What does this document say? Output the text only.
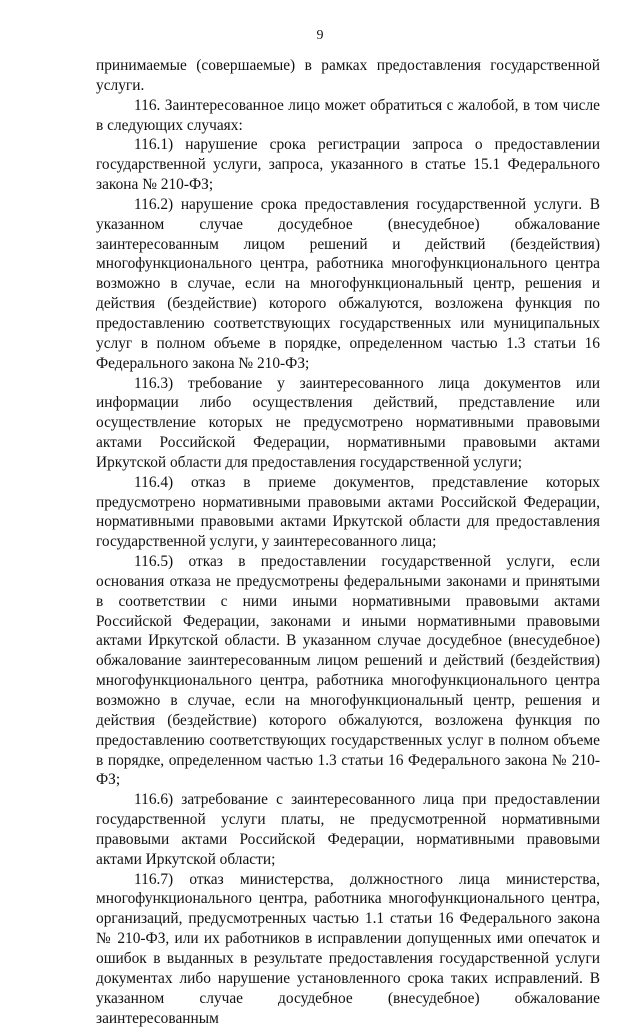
9

принимаемые (совершаемые) в рамках предоставления государственной услуги.

116. Заинтересованное лицо может обратиться с жалобой, в том числе в следующих случаях:

116.1) нарушение срока регистрации запроса о предоставлении государственной услуги, запроса, указанного в статье 15.1 Федерального закона № 210-ФЗ;

116.2) нарушение срока предоставления государственной услуги. В указанном случае досудебное (внесудебное) обжалование заинтересованным лицом решений и действий (бездействия) многофункционального центра, работника многофункционального центра возможно в случае, если на многофункциональный центр, решения и действия (бездействие) которого обжалуются, возложена функция по предоставлению соответствующих государственных или муниципальных услуг в полном объеме в порядке, определенном частью 1.3 статьи 16 Федерального закона № 210-ФЗ;

116.3) требование у заинтересованного лица документов или информации либо осуществления действий, представление или осуществление которых не предусмотрено нормативными правовыми актами Российской Федерации, нормативными правовыми актами Иркутской области для предоставления государственной услуги;

116.4) отказ в приеме документов, представление которых предусмотрено нормативными правовыми актами Российской Федерации, нормативными правовыми актами Иркутской области для предоставления государственной услуги, у заинтересованного лица;

116.5) отказ в предоставлении государственной услуги, если основания отказа не предусмотрены федеральными законами и принятыми в соответствии с ними иными нормативными правовыми актами Российской Федерации, законами и иными нормативными правовыми актами Иркутской области. В указанном случае досудебное (внесудебное) обжалование заинтересованным лицом решений и действий (бездействия) многофункционального центра, работника многофункционального центра возможно в случае, если на многофункциональный центр, решения и действия (бездействие) которого обжалуются, возложена функция по предоставлению соответствующих государственных услуг в полном объеме в порядке, определенном частью 1.3 статьи 16 Федерального закона № 210-ФЗ;

116.6) затребование с заинтересованного лица при предоставлении государственной услуги платы, не предусмотренной нормативными правовыми актами Российской Федерации, нормативными правовыми актами Иркутской области;

116.7) отказ министерства, должностного лица министерства, многофункционального центра, работника многофункционального центра, организаций, предусмотренных частью 1.1 статьи 16 Федерального закона № 210-ФЗ, или их работников в исправлении допущенных ими опечаток и ошибок в выданных в результате предоставления государственной услуги документах либо нарушение установленного срока таких исправлений. В указанном случае досудебное (внесудебное) обжалование заинтересованным
